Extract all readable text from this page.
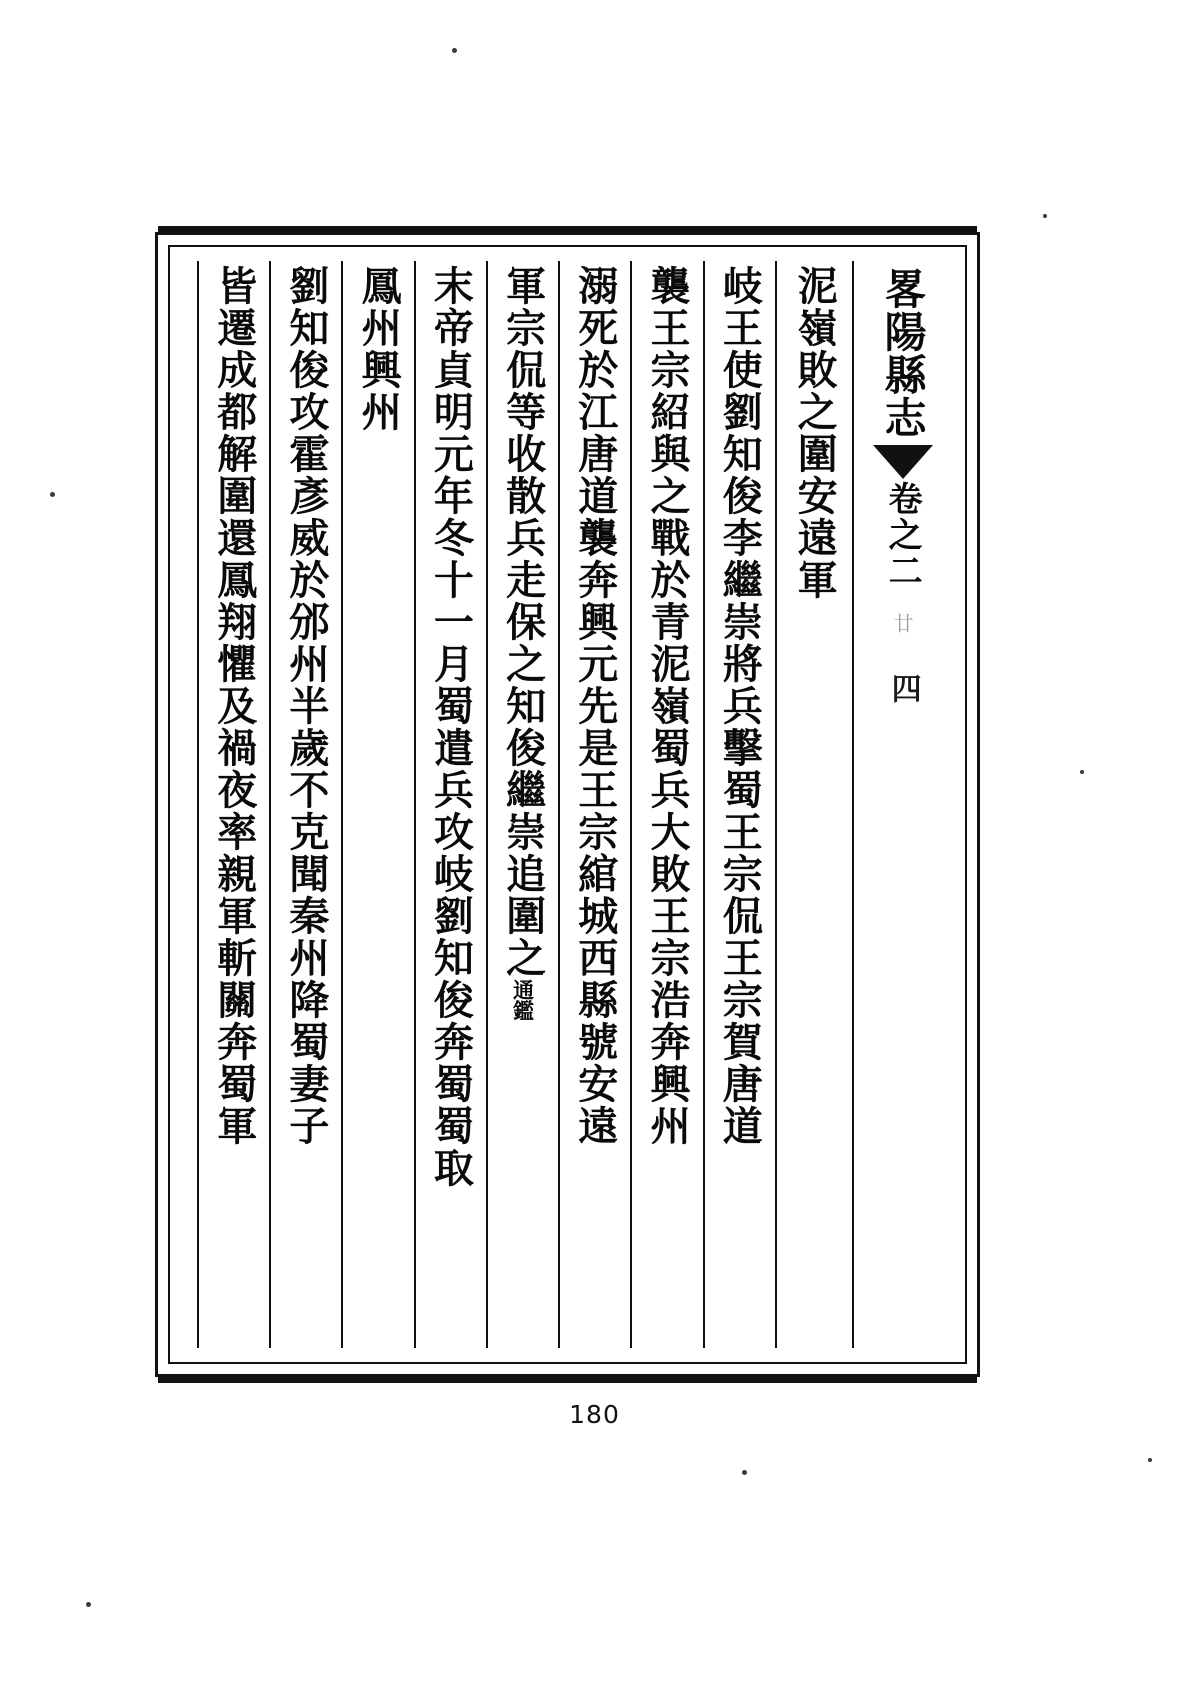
畧陽縣志
卷之二
廿
四
泥嶺敗之圍安遠軍
岐王使劉知俊李繼崇將兵擊蜀王宗侃王宗賀唐道
襲王宗紹與之戰於青泥嶺蜀兵大敗王宗浩奔興州
溺死於江唐道襲奔興元先是王宗綰城西縣號安遠
軍宗侃等收散兵走保之知俊繼崇追圍之
通鑑
末帝貞明元年冬十一月蜀遣兵攻岐劉知俊奔蜀蜀取
鳳州興州
劉知俊攻霍彥威於邠州半歲不克聞秦州降蜀妻子
皆遷成都解圍還鳳翔懼及禍夜率親軍斬關奔蜀軍
180
